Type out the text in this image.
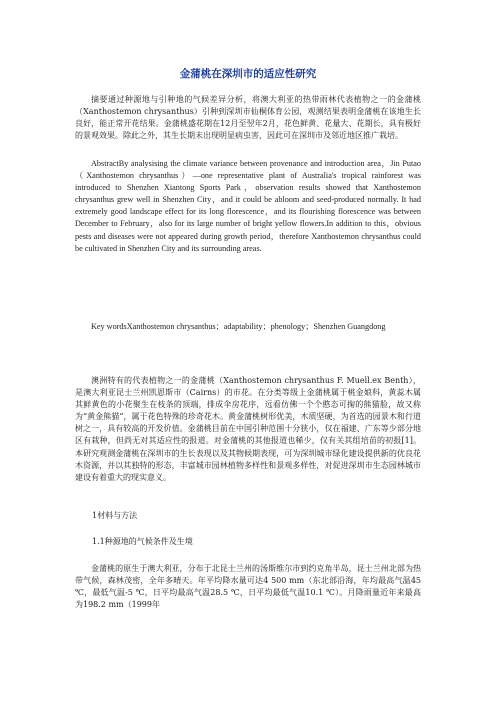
金蒲桃在深圳市的适应性研究

摘要通过种源地与引种地的气候差异分析，将澳大利亚的热带雨林代表植物之一的金蒲桃（Xanthostemon chrysanthus）引种到深圳市仙桐体育公园，观测结果表明金蒲桃在该地生长良好，能正常开花结果。金蒲桃盛花期在12月至翌年2月，花色鲜黄、花量大、花期长，具有极好的景观效果。除此之外，其生长期未出现明显病虫害，因此可在深圳市及邻近地区推广栽培。

AbstractBy analysising the climate variance between provenance and introduction area，Jin Putao（Xanthostemon chrysanthus）—one representative plant of Australia's tropical rainforest was introduced to Shenzhen Xiantong Sports Park，observation results showed that Xanthostemon chrysanthus grew well in Shenzhen City，and it could be abloom and seed-produced normally. It had extremely good landscape effect for its long florescence，and its flourishing florescence was between December to February，also for its large number of bright yellow flowers.In addition to this，obvious pests and diseases were not appeared during growth period，therefore Xanthostemon chrysanthus could be cultivated in Shenzhen City and its surrounding areas.

Key wordsXanthostemon chrysanthus；adaptability；phenology；Shenzhen Guangdong

澳洲特有的代表植物之一的金蒲桃（Xanthostemon chrysanthus F. Muell.ex Benth），是澳大利亚昆士兰州凯恩斯市（Cairns）的市花。在分类等级上金蒲桃属于桃金娘科，黄蕊木属其鲜黄色的小花聚生在枝条的顶端，排成伞房花序，远看仿佛一个个憨态可掬的熊猫脸，故又称为“黄金熊猫”，属于花色特殊的珍奇花木。黄金蒲桃树形优美，木质坚硬，为首选的园景木和行道树之一，具有较高的开发价值。金蒲桃目前在中国引种范围十分狭小，仅在福建、广东等少部分地区有栽种，但尚无对其适应性的报道。对金蒲桃的其他报道也稀少，仅有关其组培苗的初报[1]。本研究观测金蒲桃在深圳市的生长表现以及其物候期表现，可为深圳城市绿化建设提供新的优良花木资源，并以其独特的形态，丰富城市园林植物多样性和景观多样性，对促进深圳市生态园林城市建设有着重大的现实意义。

1材料与方法
1.1种源地的气候条件及生境

金蒲桃的原生于澳大利亚，分布于北昆士兰州的汤斯维尔市到约克角半岛，昆士兰州北部为热带气候，森林茂密，全年多晴天。年平均降水量可达4 500 mm（东北部沿海，年均最高气温45 ℃，最低气温-5 ℃，日平均最高气温28.5 ℃，日平均最低气温10.1 ℃）。月降雨量近年来最高为198.2 mm（1999年
